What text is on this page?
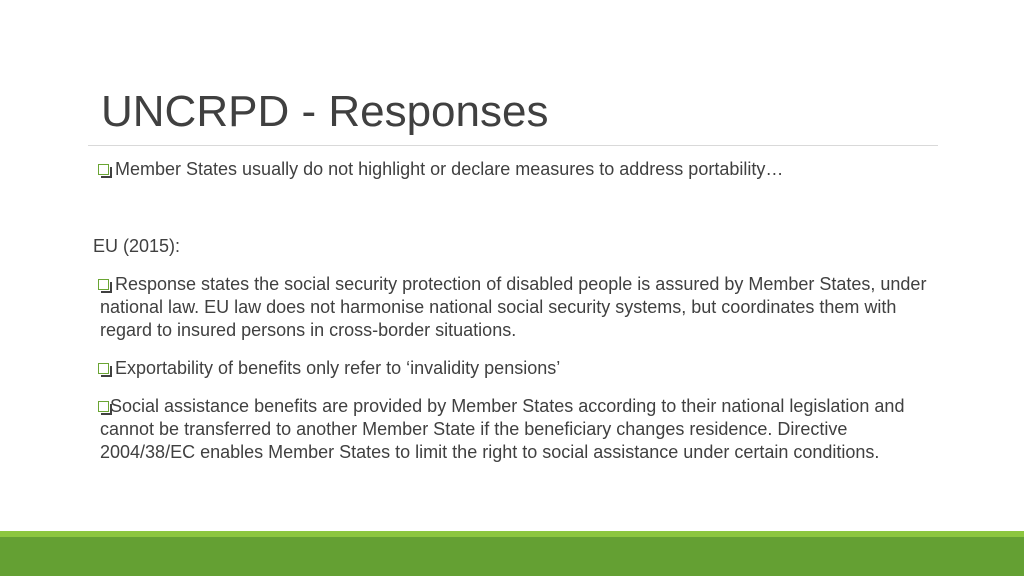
UNCRPD - Responses

Member States usually do not highlight or declare measures to address portability…

EU (2015):

Response states the social security protection of disabled people is assured by Member States, under national law. EU law does not harmonise national social security systems, but coordinates them with regard to insured persons in cross-border situations.

Exportability of benefits only refer to ‘invalidity pensions’

Social assistance benefits are provided by Member States according to their national legislation and cannot be transferred to another Member State if the beneficiary changes residence. Directive 2004/38/EC enables Member States to limit the right to social assistance under certain conditions.
